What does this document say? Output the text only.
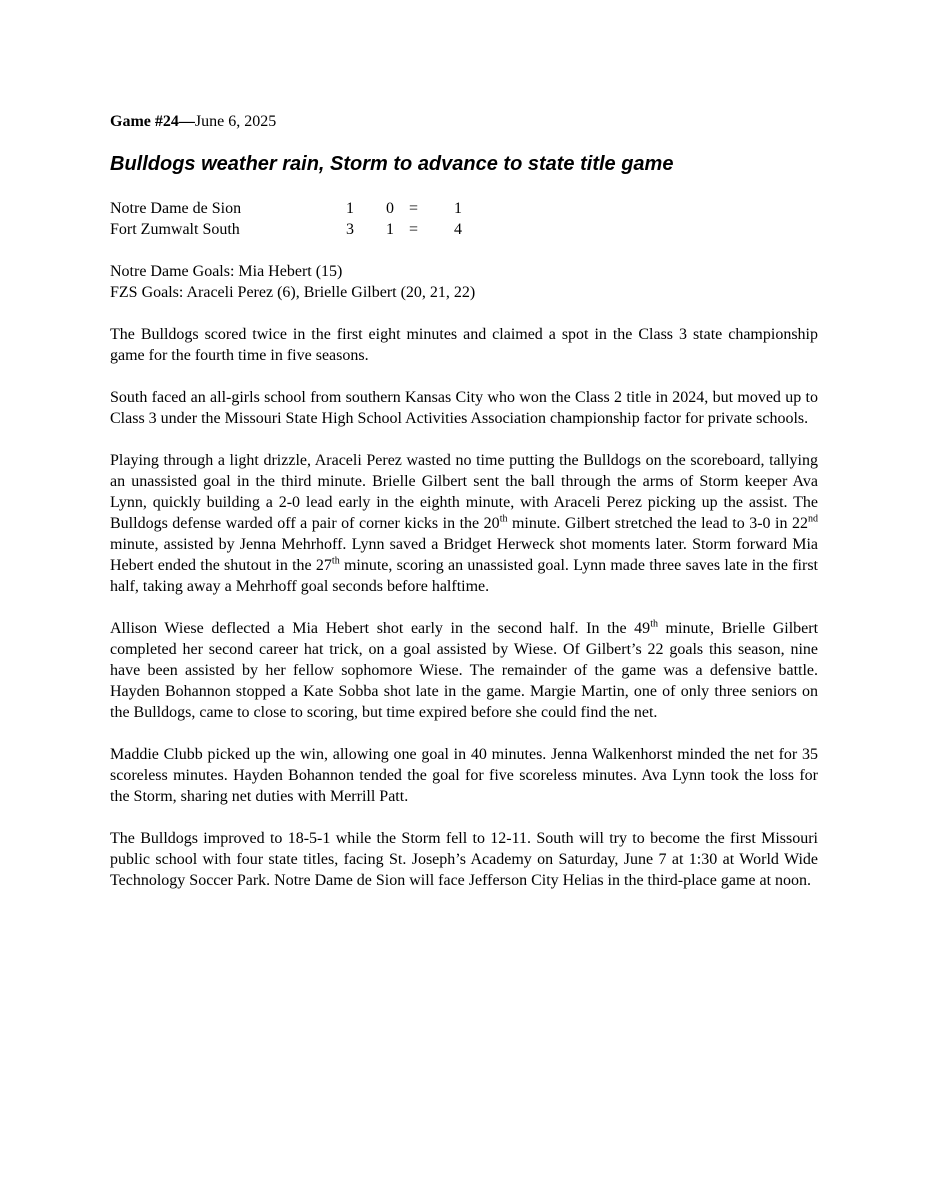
Game #24—June 6, 2025
Bulldogs weather rain, Storm to advance to state title game
Notre Dame de Sion	1 0 = 1
Fort Zumwalt South	3 1 = 4
Notre Dame Goals: Mia Hebert (15)
FZS Goals: Araceli Perez (6), Brielle Gilbert (20, 21, 22)

The Bulldogs scored twice in the first eight minutes and claimed a spot in the Class 3 state championship game for the fourth time in five seasons.

South faced an all-girls school from southern Kansas City who won the Class 2 title in 2024, but moved up to Class 3 under the Missouri State High School Activities Association championship factor for private schools.

Playing through a light drizzle, Araceli Perez wasted no time putting the Bulldogs on the scoreboard, tallying an unassisted goal in the third minute. Brielle Gilbert sent the ball through the arms of Storm keeper Ava Lynn, quickly building a 2-0 lead early in the eighth minute, with Araceli Perez picking up the assist. The Bulldogs defense warded off a pair of corner kicks in the 20th minute. Gilbert stretched the lead to 3-0 in 22nd minute, assisted by Jenna Mehrhoff. Lynn saved a Bridget Herweck shot moments later. Storm forward Mia Hebert ended the shutout in the 27th minute, scoring an unassisted goal. Lynn made three saves late in the first half, taking away a Mehrhoff goal seconds before halftime.

Allison Wiese deflected a Mia Hebert shot early in the second half. In the 49th minute, Brielle Gilbert completed her second career hat trick, on a goal assisted by Wiese. Of Gilbert’s 22 goals this season, nine have been assisted by her fellow sophomore Wiese. The remainder of the game was a defensive battle. Hayden Bohannon stopped a Kate Sobba shot late in the game. Margie Martin, one of only three seniors on the Bulldogs, came to close to scoring, but time expired before she could find the net.

Maddie Clubb picked up the win, allowing one goal in 40 minutes. Jenna Walkenhorst minded the net for 35 scoreless minutes. Hayden Bohannon tended the goal for five scoreless minutes. Ava Lynn took the loss for the Storm, sharing net duties with Merrill Patt.

The Bulldogs improved to 18-5-1 while the Storm fell to 12-11. South will try to become the first Missouri public school with four state titles, facing St. Joseph’s Academy on Saturday, June 7 at 1:30 at World Wide Technology Soccer Park. Notre Dame de Sion will face Jefferson City Helias in the third-place game at noon.
